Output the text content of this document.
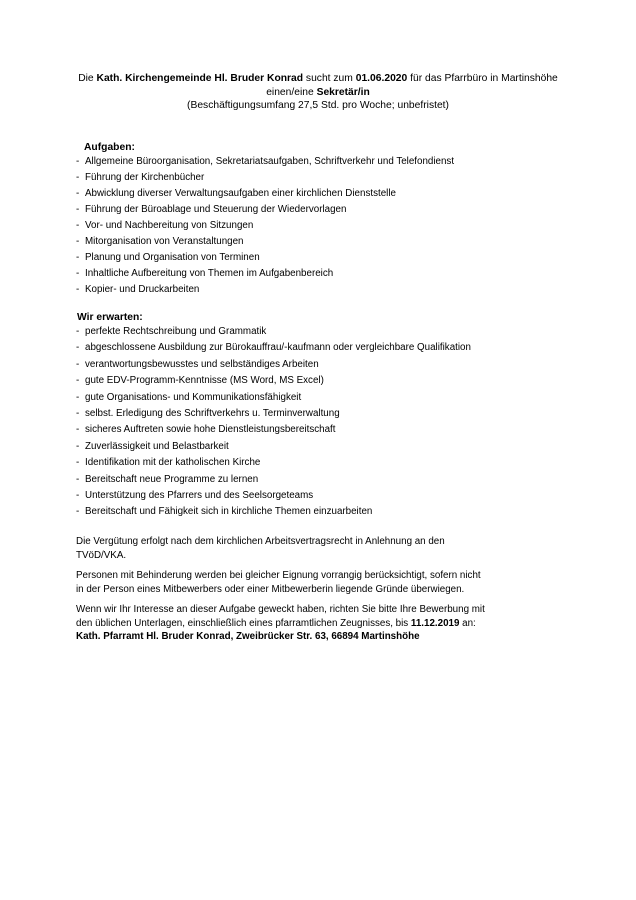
Die Kath. Kirchengemeinde Hl. Bruder Konrad sucht zum 01.06.2020 für das Pfarrbüro in Martinshöhe
einen/eine Sekretär/in
(Beschäftigungsumfang 27,5 Std. pro Woche; unbefristet)
Aufgaben:
- Allgemeine Büroorganisation, Sekretariatsaufgaben, Schriftverkehr und Telefondienst
- Führung der Kirchenbücher
- Abwicklung diverser Verwaltungsaufgaben einer kirchlichen Dienststelle
- Führung der Büroablage und Steuerung der Wiedervorlagen
- Vor- und Nachbereitung von Sitzungen
- Mitorganisation von Veranstaltungen
- Planung und Organisation von Terminen
- Inhaltliche Aufbereitung von Themen im Aufgabenbereich
- Kopier- und Druckarbeiten
Wir erwarten:
- perfekte Rechtschreibung und Grammatik
- abgeschlossene Ausbildung zur Bürokauffrau/-kaufmann oder vergleichbare Qualifikation
- verantwortungsbewusstes und selbständiges Arbeiten
- gute EDV-Programm-Kenntnisse (MS Word, MS Excel)
- gute Organisations- und Kommunikationsfähigkeit
- selbst. Erledigung des Schriftverkehrs u. Terminverwaltung
- sicheres Auftreten sowie hohe Dienstleistungsbereitschaft
- Zuverlässigkeit und Belastbarkeit
- Identifikation mit der katholischen Kirche
- Bereitschaft neue Programme zu lernen
- Unterstützung des Pfarrers und des Seelsorgeteams
- Bereitschaft und Fähigkeit sich in kirchliche Themen einzuarbeiten
Die Vergütung erfolgt nach dem kirchlichen Arbeitsvertragsrecht in Anlehnung an den
TVöD/VKA.
Personen mit Behinderung werden bei gleicher Eignung vorrangig berücksichtigt, sofern nicht
in der Person eines Mitbewerbers oder einer Mitbewerberin liegende Gründe überwiegen.
Wenn wir Ihr Interesse an dieser Aufgabe geweckt haben, richten Sie bitte Ihre Bewerbung mit
den üblichen Unterlagen, einschließlich eines pfarramtlichen Zeugnisses, bis 11.12.2019 an:
Kath. Pfarramt Hl. Bruder Konrad, Zweibrücker Str. 63, 66894 Martinshöhe
